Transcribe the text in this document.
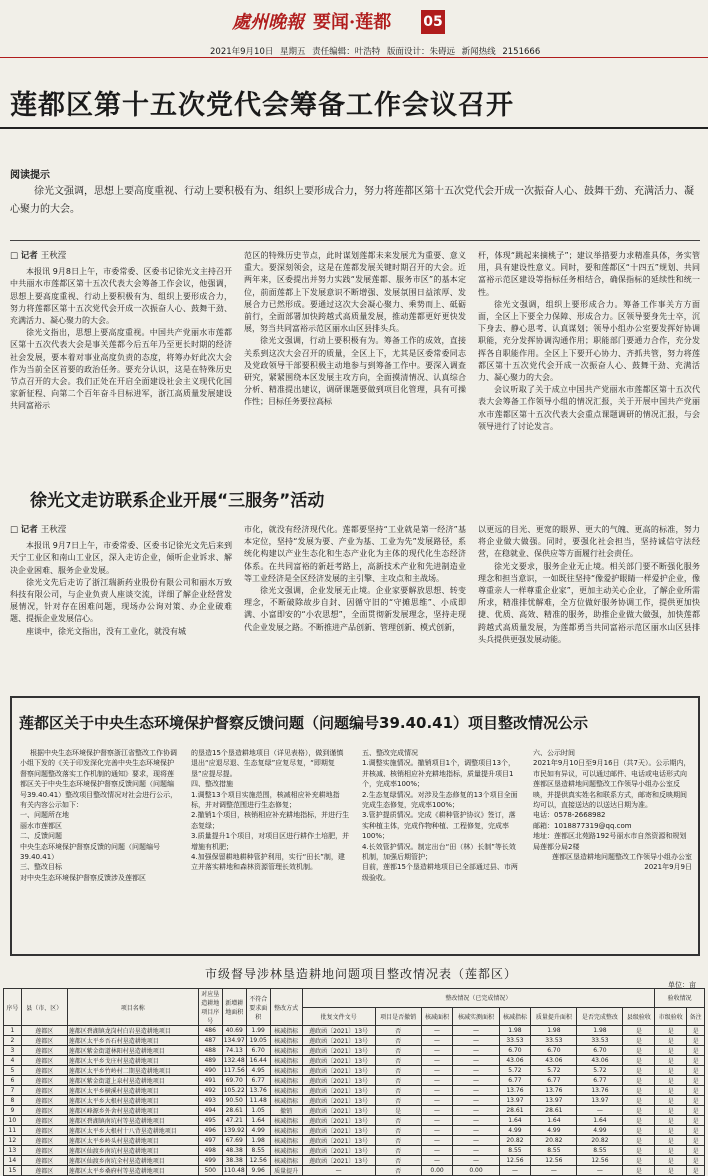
處州晚報 要闻·莲都 05
2021年9月10日 星期五 责任编辑：叶浩特 版面设计：朱碍远 新闻热线 2151666
莲都区第十五次党代会筹备工作会议召开
阅读提示
徐光文强调，思想上要高度重视、行动上要积极有为、组织上要形成合力，努力将莲都区第十五次党代会开成一次振奋人心、鼓舞干劲、充满活力、凝心聚力的大会。
□ 记者 王秋滢

本报讯 9月8日上午，市委常委、区委书记徐光文主持召开中共丽水市莲都区第十五次代表大会筹备工作会议，他强调，思想上要高度重视、行动上要积极有为、组织上要形成合力，努力将莲都区第十五次党代会开成一次振奋人心、鼓舞干劲、充满活力、凝心聚力的大会。

徐光文指出，思想上要高度重视。中国共产党丽水市莲都区第十五次代表大会是事关莲都今后五年乃至更长时期的经济社会发展，要本着对事业高度负责的态度，将筹办好此次大会作为当前全区首要的政治任务。要充分认识，这是在特殊历史节点召开的大会。我们正处在开启全面建设社会主义现代化国家新征程、向第二个百年奋斗目标进军，浙江高质量发展建设共同富裕示

范区的特殊历史节点，此时谋划莲都未来发展尤为重要、意义重大。要深刻领会，这是在莲都发展关键时期召开的大会。近两年来，区委提出并努力实践“发展莲都、服务市区”的基本定位，前面莲都上下发展意识不断增强、发展氛围日益浓厚、发展合力已然形成。要通过这次大会凝心聚力、乘势而上、砥砺前行，全面部署加快跨越式高质量发展，推动莲都更好更快发展，努当共同富裕示范区丽水山区县排头兵。

徐光文强调，行动上要积极有为。筹备工作的成效，直接关系到这次大会召开的质量，全区上下，尤其是区委常委同志及党政领导干部要积极主动地参与到筹备工作中。要深入调查研究，紧紧围绕本区发展主攻方向，全面摸清情况、认真综合分析、精准提出建议，调研课题要做到项目化管理，具有可操作性；目标任务要拉高标

杆，体现“跳起来摘桃子”；建议举措要力求精准具体，务实管用，具有建设性意义。同时，要和莲都区“十四五”规划、共同富裕示范区建设等指标任务相结合，确保指标的延续性和统一性。

徐光文强调，组织上要形成合力。筹备工作事关方方面面，全区上下要全力保障、形成合力。区领导要身先士卒，沉下身去、静心思考、认真谋划；领导小组办公室要发挥好协调职能，充分发挥协调沟通作用；职能部门要通力合作，充分发挥各自职能作用。全区上下要开心协力、齐抓共管，努力将莲都区第十五次党代会开成一次振奋人心、鼓舞干劲、充满活力、凝心聚力的大会。

会议听取了关于成立中国共产党丽水市莲都区第十五次代表大会筹备工作领导小组的情况汇报，关于开展中国共产党丽水市莲都区第十五次代表大会重点课题调研的情况汇报，与会领导进行了讨论发言。

徐光文走访联系企业开展“三服务”活动
□ 记者 王秋滢

本报讯 9月7日上午，市委常委、区委书记徐光文先后来到天宁工业区和南山工业区，深入走访企业，倾听企业诉求、解决企业困难、服务企业发展。

徐光文先后走访了浙江瑞新药业股份有限公司和丽水万致科技有限公司，与企业负责人座谈交流，详细了解企业经营发展情况，针对存在困难问题，现场办公询对策、办企业破难题、提振企业发展信心。

座谈中，徐光文指出，没有工业化，就没有城

市化，就没有经济现代化。莲都要坚持“工业就是第一经济”基本定位，坚持“发展为要、产业为基、工业为先”发展路径，系统化构建以产业生态化和生态产业化为主体的现代化生态经济体系。在共同富裕的新赶考路上，高新技术产业和先进制造业等工业经济是全区经济发展的主引擎、主攻点和主战场。

徐光文强调，企业发展无止境。企业家要解放思想、转变理念，不断破除故步自封、因循守旧的“守摊思维”、小成即满、小富即安的“小农思想”，全面贯彻新发展理念，坚持走现代企业发展之路。不断推进产品创新、管理创新、模式创新，

以更远的目光、更宽的眼界、更大的气魄、更高的标准，努力将企业做大做强。同时，要强化社会担当，坚持诚信守法经营，在稳就业、保供应等方面履行社会责任。

徐光文要求，服务企业无止境。相关部门要不断强化服务理念和担当意识，一如既往坚持“像爱护眼睛一样爱护企业，像尊重亲人一样尊重企业家”，更加主动关心企业，了解企业所需所求，精准排忧解难，全方位做好服务协调工作，提供更加快捷、优质、高效、精准的服务，助推企业做大做强，加快莲都跨越式高质量发展，为莲都勇当共同富裕示范区丽水山区县排头兵提供更强发展动能。

莲都区关于中央生态环境保护督察反馈问题（问题编号39.40.41）项目整改情况公示

根据中央生态环境保护督察浙江省整改工作协调小组下发的《关于印发深化完善中央生态环境保护督察问题整改落实工作机制的通知》要求，现将莲都区关于中央生态环境保护督察反馈问题（问题编号39.40.41）整改项目整改情况对社会进行公示，有关内容公示如下：

一、问题所在地
丽水市莲都区
二、反馈问题
中央生态环境保护督察反馈的问题（问题编号39.40.41）
三、整改目标
对中央生态环境保护督察反馈涉及莲都区
的垦造15个垦造耕地项目（详见表格），做到谨慎退出“应退尽退、生态复绿”应复尽复，“即期复垦”应提尽提。
四、整改措施
1.调整13个项目实施范围，核减相应补充耕地指标，并对调整范围进行生态修复；
2.撤销1个项目，核销相应补充耕地指标，并进行生态复绿；
3.质量提升1个项目，对项目区进行耕作土培肥，并增施有机肥；
4.加强保留耕地耕种管护利用，实行“田长”制，建立并落实耕地和森林资源管理长效机制。
五、整改完成情况
1.调整实施情况。撤销项目1个，调整项目13个，并核减、核销相应补充耕地指标，质量提升项目1个，完成率100%；
2.生态复绿情况。对涉及生态修复的13个项目全面完成生态修复，完成率100%；
3.管护提质情况。完成《耕种管护协议》签订，落实种植主体，完成作物种植、工程修复，完成率100%；
4.长效管护情况。制定出台“田（林）长制”等长效机制，加强后期管护；
目前，莲都15个垦造耕地项目已全部通过县、市两级验收。
六、公示时间
2021年9月10日至9月16日（共7天）。公示期内，市民如有异议，可以通过邮件、电话或电话形式向莲都区垦造耕地问题整改工作领导小组办公室反映，并提供真实姓名和联系方式，邮寄和反映期间均可以，直接送达的以送达日期为准。
电话：0578-2668982
邮箱：1018877319@qq.com
地址：莲都区北苑路192号丽水市自然资源和规划局莲都分局2楼
莲都区垦造耕地问题整改工作领导小组办公室
2021年9月9日
市级督导涉林垦造耕地问题项目整改情况表（莲都区）
单位：亩
序号	县（市、区）	项目名称	对应垦造耕地项目序号	新增耕地面积	不符合要求面积	整改方式	整改情况（已完成情况）								验收情况	
							批复文件文号	项目是否撤销	核减面积	核减实测面积	核减指标	质量提升面积	是否完成整改	县级验收	市级验收	备注
1	莲都区	莲都区碧湖镇龙岗村白岩垦造耕地项目	486	40.69	1.99	核减指标	莲政函〔2021〕13号	否	—	—	1.98	1.98	1.98	是	是	是
2	莲都区	莲都区太平乡吾石村垦造耕地项目	487	134.97	19.05	核减指标	莲政函〔2021〕13号	否	—	—	33.53	33.53	33.53	是	是	是
3	莲都区	莲都区紫金街道林阳村垦造耕地项目	488	74.13	6.70	核减指标	莲政函〔2021〕13号	否	—	—	6.70	6.70	6.70	是	是	是
4	莲都区	莲都区太平乡戈庄村垦造耕地项目	489	132.48	16.44	核减指标	莲政函〔2021〕13号	否	—	—	43.06	43.06	43.06	是	是	是
5	莲都区	莲都区太平乡竹岭村二期垦造耕地项目	490	117.56	4.95	核减指标	莲政函〔2021〕13号	否	—	—	5.72	5.72	5.72	是	是	是
6	莲都区	莲都区紫金街道上泉村垦造耕地项目	491	69.70	6.77	核减指标	莲政函〔2021〕13号	否	—	—	6.77	6.77	6.77	是	是	是
7	莲都区	莲都区太平乡横溪村垦造耕地项目	492	105.22	13.76	核减指标	莲政函〔2021〕13号	否	—	—	13.76	13.76	13.76	是	是	是
8	莲都区	莲都区太平乡大根村垦造耕地项目	493	90.50	11.48	核减指标	莲政函〔2021〕13号	否	—	—	13.97	13.97	13.97	是	是	是
9	莲都区	莲都区峰源乡外舍村垦造耕地项目	494	28.61	1.05	撤销	莲政函〔2021〕13号	是	—	—	28.61	28.61	—	是	是	是
10	莲都区	莲都区碧湖镇南坑村等垦造耕地项目	495	47.21	1.64	核减指标	莲政函〔2021〕13号	否	—	—	1.64	1.64	1.64	是	是	是
11	莲都区	莲都区太平乡大根村十八背垦造耕地项目	496	139.92	4.99	核减指标	莲政函〔2021〕13号	否	—	—	4.99	4.99	4.99	是	是	是
12	莲都区	莲都区太平乡岭头村垦造耕地项目	497	67.69	1.98	核减指标	莲政函〔2021〕13号	否	—	—	20.82	20.82	20.82	是	是	是
13	莲都区	莲都区仙渡乡南坑村垦造耕地项目	498	48.38	8.55	核减指标	莲政函〔2021〕13号	否	—	—	8.55	8.55	8.55	是	是	是
14	莲都区	莲都区仙渡乡南坑全村垦造耕地项目	499	38.38	12.56	核减指标	莲政函〔2021〕13号	否	—	—	12.56	12.56	12.56	是	是	是
15	莲都区	莲都区太平乡桑府村等垦造耕地项目	500	110.48	9.96	质量提升	—	否	0.00	0.00	—	—	—	是	是	是
